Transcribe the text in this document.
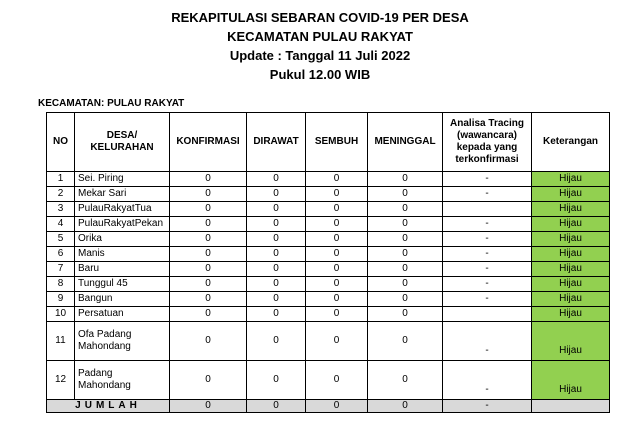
REKAPITULASI SEBARAN COVID-19 PER DESA
KECAMATAN PULAU RAKYAT
Update : Tanggal 11 Juli 2022
Pukul 12.00 WIB
KECAMATAN: PULAU RAKYAT
NO	DESA/ KELURAHAN	KONFIRMASI	DIRAWAT	SEMBUH	MENINGGAL	Analisa Tracing (wawancara) kepada yang terkonfirmasi	Keterangan
1	Sei. Piring	0	0	0	0	-	Hijau
2	Mekar Sari	0	0	0	0	-	Hijau
3	PulauRakyatTua	0	0	0	0		Hijau
4	PulauRakyatPekan	0	0	0	0	-	Hijau
5	Orika	0	0	0	0	-	Hijau
6	Manis	0	0	0	0	-	Hijau
7	Baru	0	0	0	0	-	Hijau
8	Tunggul 45	0	0	0	0	-	Hijau
9	Bangun	0	0	0	0	-	Hijau
10	Persatuan	0	0	0	0		Hijau
11	Ofa Padang Mahondang	0	0	0	0	-	Hijau
12	Padang Mahondang	0	0	0	0	-	Hijau
JUMLAH		0	0	0	0	-	
